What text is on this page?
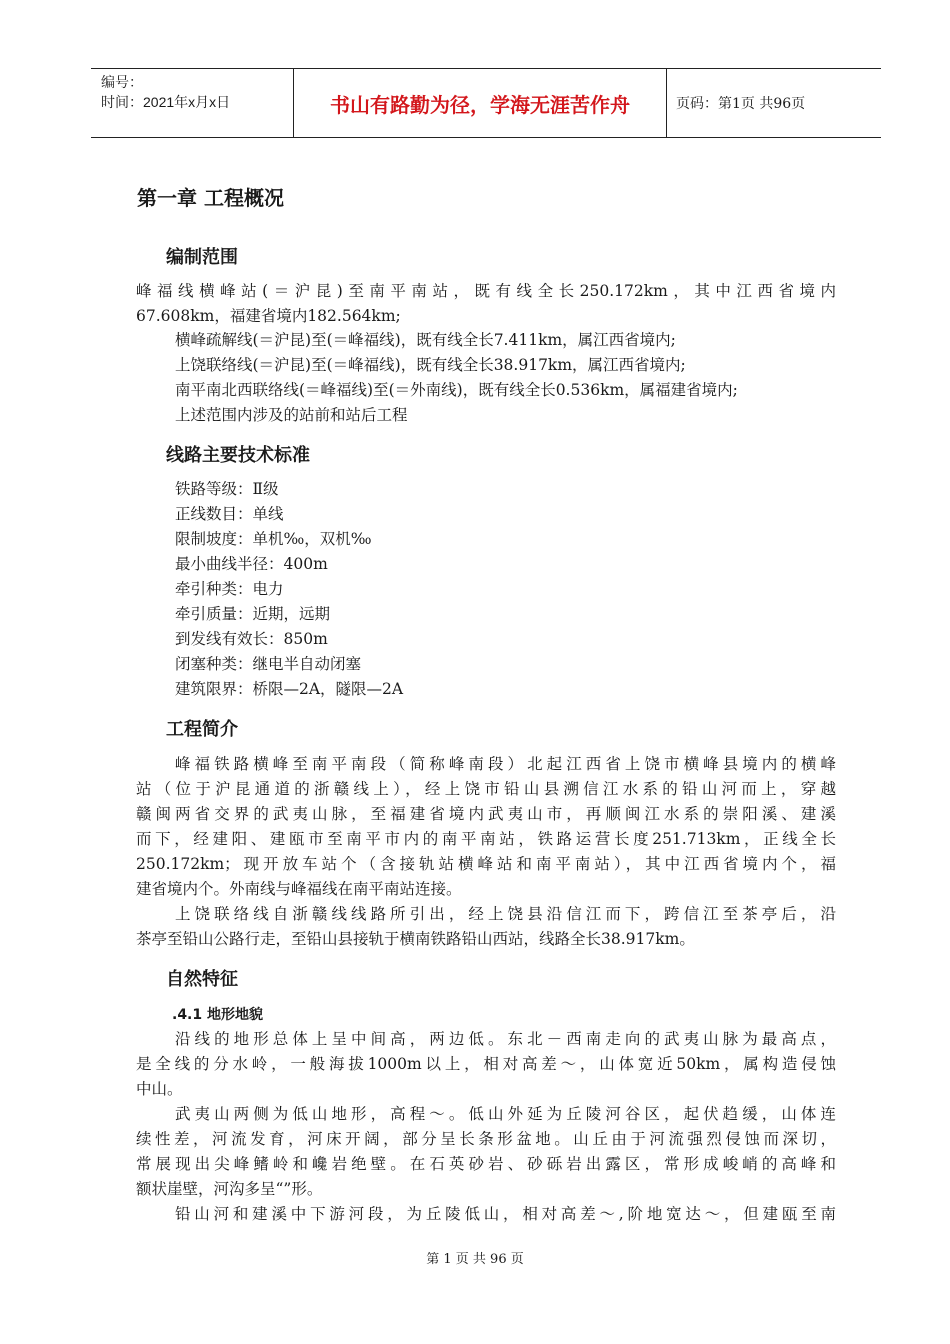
编号：
时间：2021年x月x日	书山有路勤为径，学海无涯苦作舟	页码：第1页 共96页
第一章 工程概况
编制范围
峰福线横峰站(＝沪昆)至南平南站，既有线全长250.172km，其中江西省境内
67.608km，福建省境内182.564km;
横峰疏解线(＝沪昆)至(＝峰福线)，既有线全长7.411km，属江西省境内;
上饶联络线(＝沪昆)至(＝峰福线)，既有线全长38.917km，属江西省境内;
南平南北西联络线(＝峰福线)至(＝外南线)，既有线全长0.536km，属福建省境内;
上述范围内涉及的站前和站后工程
线路主要技术标准
铁路等级：Ⅱ级
正线数目：单线
限制坡度：单机‰，双机‰
最小曲线半径：400m
牵引种类：电力
牵引质量：近期，远期
到发线有效长：850m
闭塞种类：继电半自动闭塞
建筑限界：桥限—2A，隧限—2A
工程简介
峰福铁路横峰至南平南段（简称峰南段）北起江西省上饶市横峰县境内的横峰
站（位于沪昆通道的浙赣线上），经上饶市铅山县溯信江水系的铅山河而上，穿越
赣闽两省交界的武夷山脉，至福建省境内武夷山市，再顺闽江水系的崇阳溪、建溪
而下，经建阳、建瓯市至南平市内的南平南站，铁路运营长度251.713km，正线全长
250.172km；现开放车站个（含接轨站横峰站和南平南站），其中江西省境内个，福
建省境内个。外南线与峰福线在南平南站连接。
上饶联络线自浙赣线线路所引出，经上饶县沿信江而下，跨信江至茶亭后，沿
茶亭至铅山公路行走，至铅山县接轨于横南铁路铅山西站，线路全长38.917km。
自然特征
.4.1 地形地貌
沿线的地形总体上呈中间高，两边低。东北－西南走向的武夷山脉为最高点，
是全线的分水岭，一般海拔1000m以上，相对高差～，山体宽近50km，属构造侵蚀
中山。
武夷山两侧为低山地形，高程～。低山外延为丘陵河谷区，起伏趋缓，山体连
续性差，河流发育，河床开阔，部分呈长条形盆地。山丘由于河流强烈侵蚀而深切，
常展现出尖峰鳍岭和巉岩绝壁。在石英砂岩、砂砾岩出露区，常形成峻峭的高峰和
额状崖壁，河沟多呈“”形。
铅山河和建溪中下游河段，为丘陵低山，相对高差～,阶地宽达～，但建瓯至南
第 1 页 共 96 页
